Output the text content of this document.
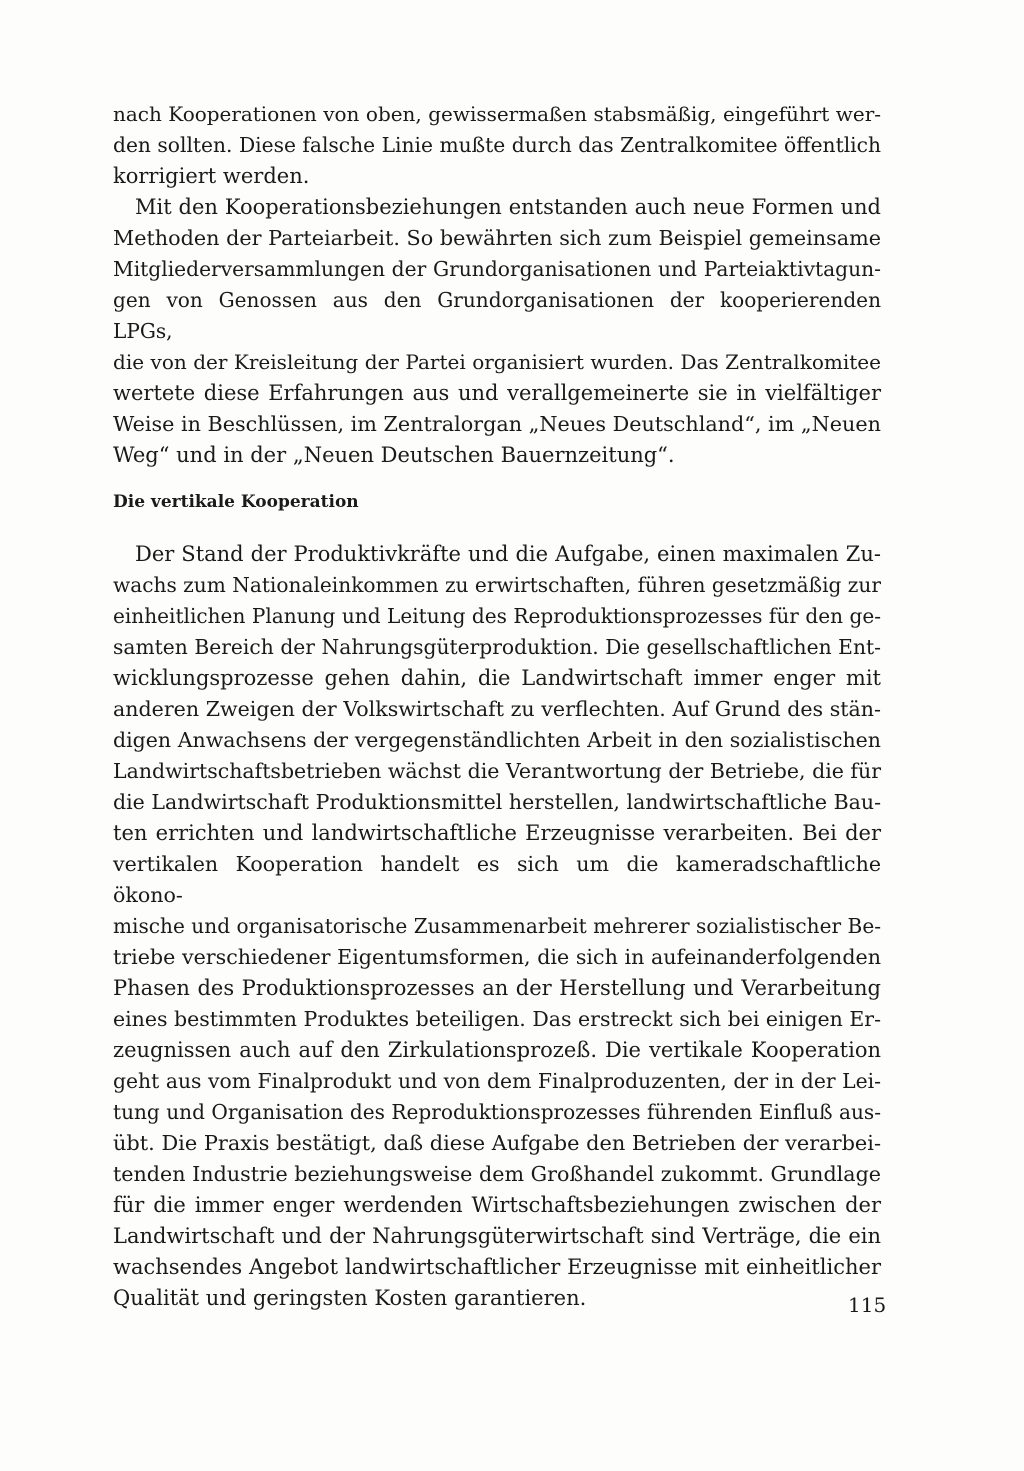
nach Kooperationen von oben, gewissermaßen stabsmäßig, eingeführt wer-
den sollten. Diese falsche Linie mußte durch das Zentralkomitee öffentlich
korrigiert werden.

Mit den Kooperationsbeziehungen entstanden auch neue Formen und
Methoden der Parteiarbeit. So bewährten sich zum Beispiel gemeinsame
Mitgliederversammlungen der Grundorganisationen und Parteiaktivtagun-
gen von Genossen aus den Grundorganisationen der kooperierenden LPGs,
die von der Kreisleitung der Partei organisiert wurden. Das Zentralkomitee
wertete diese Erfahrungen aus und verallgemeinerte sie in vielfältiger
Weise in Beschlüssen, im Zentralorgan „Neues Deutschland“, im „Neuen
Weg“ und in der „Neuen Deutschen Bauernzeitung“.

Die vertikale Kooperation

Der Stand der Produktivkräfte und die Aufgabe, einen maximalen Zu-
wachs zum Nationaleinkommen zu erwirtschaften, führen gesetzmäßig zur
einheitlichen Planung und Leitung des Reproduktionsprozesses für den ge-
samten Bereich der Nahrungsgüterproduktion. Die gesellschaftlichen Ent-
wicklungsprozesse gehen dahin, die Landwirtschaft immer enger mit
anderen Zweigen der Volkswirtschaft zu verflechten. Auf Grund des stän-
digen Anwachsens der vergegenständlichten Arbeit in den sozialistischen
Landwirtschaftsbetrieben wächst die Verantwortung der Betriebe, die für
die Landwirtschaft Produktionsmittel herstellen, landwirtschaftliche Bau-
ten errichten und landwirtschaftliche Erzeugnisse verarbeiten. Bei der
vertikalen Kooperation handelt es sich um die kameradschaftliche ökono-
mische und organisatorische Zusammenarbeit mehrerer sozialistischer Be-
triebe verschiedener Eigentumsformen, die sich in aufeinanderfolgenden
Phasen des Produktionsprozesses an der Herstellung und Verarbeitung
eines bestimmten Produktes beteiligen. Das erstreckt sich bei einigen Er-
zeugnissen auch auf den Zirkulationsprozeß. Die vertikale Kooperation
geht aus vom Finalprodukt und von dem Finalproduzenten, der in der Lei-
tung und Organisation des Reproduktionsprozesses führenden Einfluß aus-
übt. Die Praxis bestätigt, daß diese Aufgabe den Betrieben der verarbei-
tenden Industrie beziehungsweise dem Großhandel zukommt. Grundlage
für die immer enger werdenden Wirtschaftsbeziehungen zwischen der
Landwirtschaft und der Nahrungsgüterwirtschaft sind Verträge, die ein
wachsendes Angebot landwirtschaftlicher Erzeugnisse mit einheitlicher
Qualität und geringsten Kosten garantieren.	115
